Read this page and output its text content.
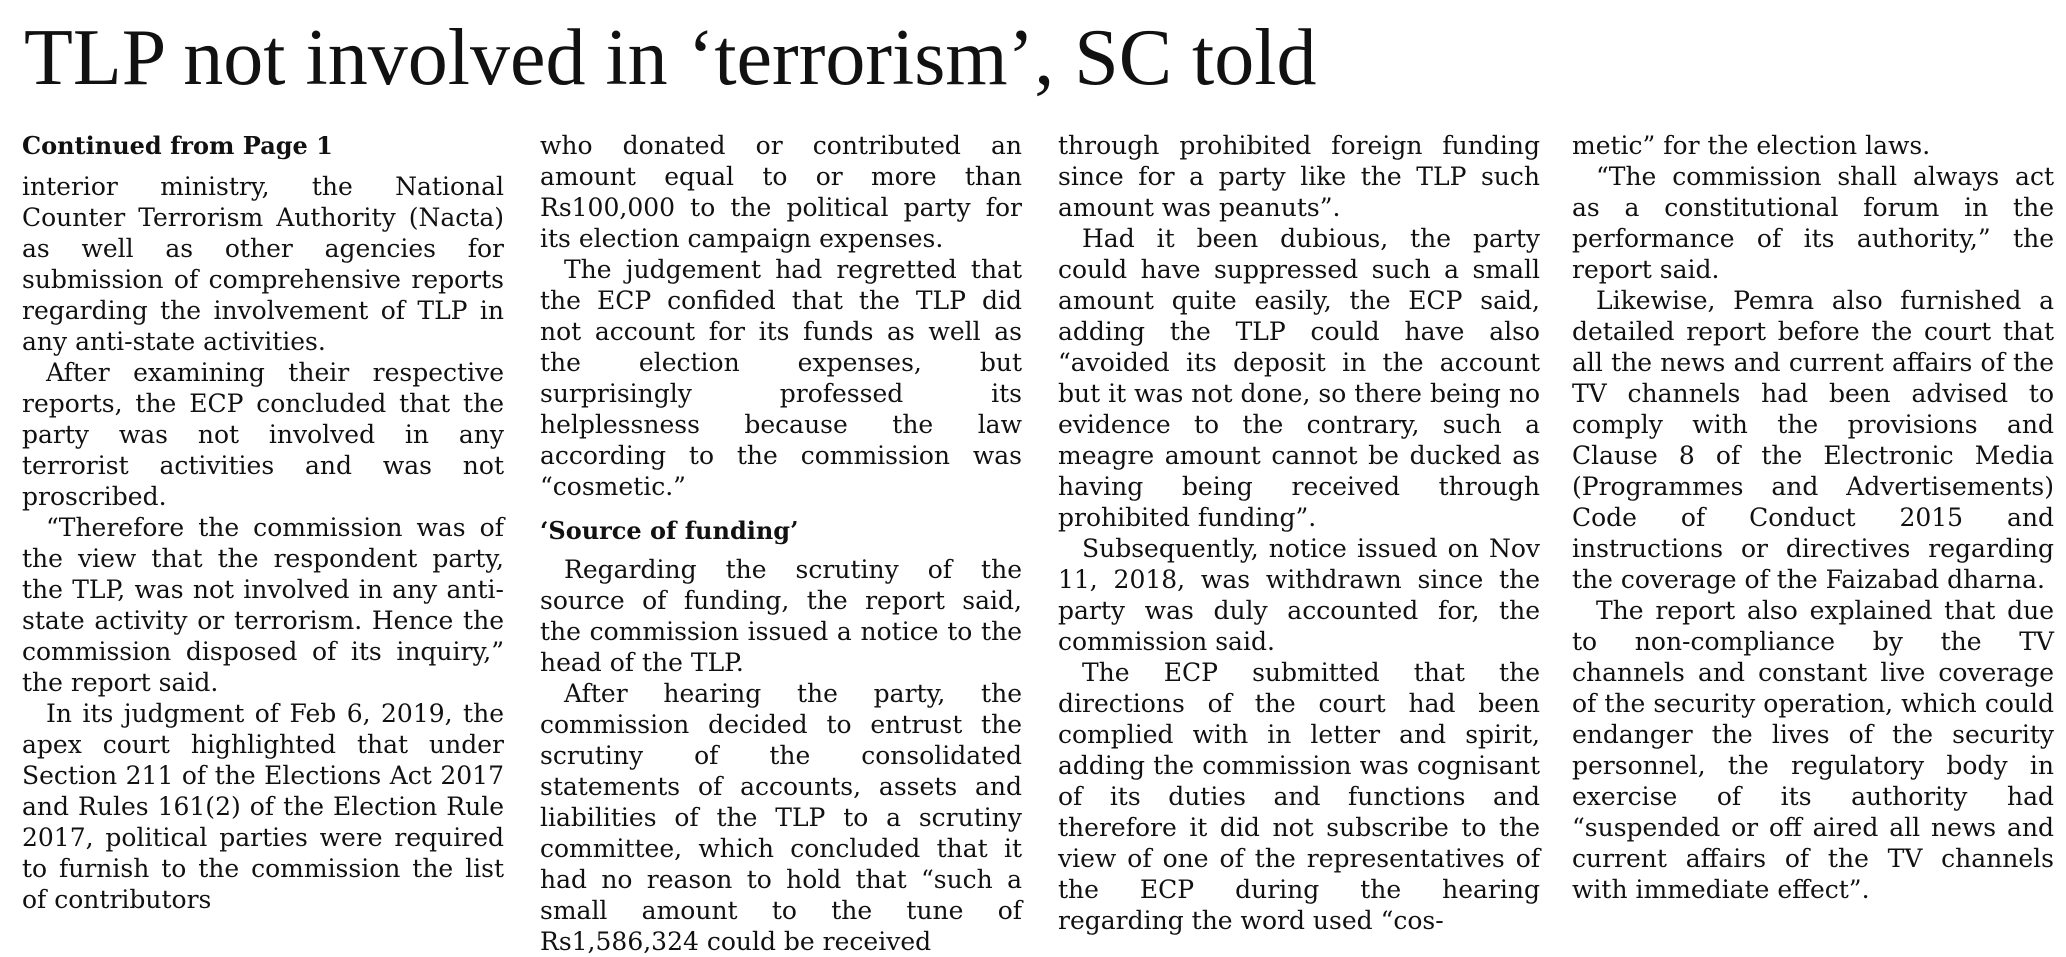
TLP not involved in ‘terrorism’, SC told
Continued from Page 1

interior ministry, the National Counter Terrorism Authority (Nacta) as well as other agencies for submission of comprehensive reports regarding the involvement of TLP in any anti-state activities.

After examining their respective reports, the ECP concluded that the party was not involved in any terrorist activities and was not proscribed.

“Therefore the commission was of the view that the respondent party, the TLP, was not involved in any anti-state activity or terrorism. Hence the commission disposed of its inquiry,” the report said.

In its judgment of Feb 6, 2019, the apex court highlighted that under Section 211 of the Elections Act 2017 and Rules 161(2) of the Election Rule 2017, political parties were required to furnish to the commission the list of contributors

who donated or contributed an amount equal to or more than Rs100,000 to the political party for its election campaign expenses.

The judgement had regretted that the ECP confided that the TLP did not account for its funds as well as the election expenses, but surprisingly professed its helplessness because the law according to the commission was “cosmetic.”

‘Source of funding’

Regarding the scrutiny of the source of funding, the report said, the commission issued a notice to the head of the TLP.

After hearing the party, the commission decided to entrust the scrutiny of the consolidated statements of accounts, assets and liabilities of the TLP to a scrutiny committee, which concluded that it had no reason to hold that “such a small amount to the tune of Rs1,586,324 could be received

through prohibited foreign funding since for a party like the TLP such amount was peanuts”.

Had it been dubious, the party could have suppressed such a small amount quite easily, the ECP said, adding the TLP could have also “avoided its deposit in the account but it was not done, so there being no evidence to the contrary, such a meagre amount cannot be ducked as having being received through prohibited funding”.

Subsequently, notice issued on Nov 11, 2018, was withdrawn since the party was duly accounted for, the commission said.

The ECP submitted that the directions of the court had been complied with in letter and spirit, adding the commission was cognisant of its duties and functions and therefore it did not subscribe to the view of one of the representatives of the ECP during the hearing regarding the word used “cos-

metic” for the election laws.

“The commission shall always act as a constitutional forum in the performance of its authority,” the report said.

Likewise, Pemra also furnished a detailed report before the court that all the news and current affairs of the TV channels had been advised to comply with the provisions and Clause 8 of the Electronic Media (Programmes and Advertisements) Code of Conduct 2015 and instructions or directives regarding the coverage of the Faizabad dharna.

The report also explained that due to non-compliance by the TV channels and constant live coverage of the security operation, which could endanger the lives of the security personnel, the regulatory body in exercise of its authority had “suspended or off aired all news and current affairs of the TV channels with immediate effect”.
